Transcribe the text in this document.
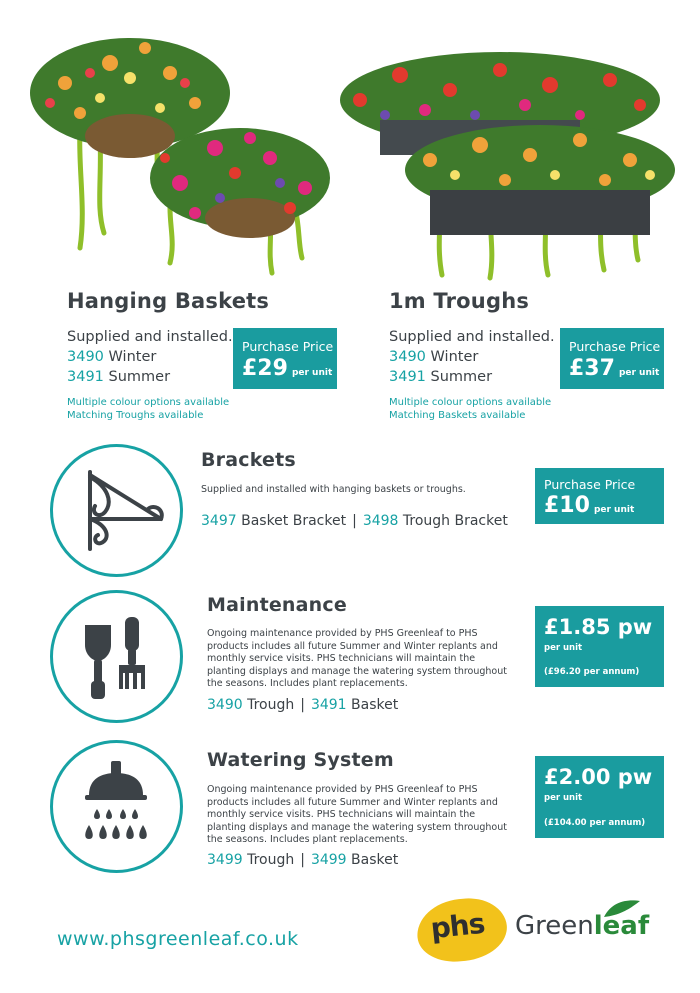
Hanging Baskets
Supplied and installed.
3490 Winter
3491 Summer
Multiple colour options available
Matching Troughs available
Purchase Price
£29 per unit
1m Troughs
Supplied and installed.
3490 Winter
3491 Summer
Multiple colour options available
Matching Baskets available
Purchase Price
£37 per unit
Brackets
Supplied and installed with hanging baskets or troughs.
3497 Basket Bracket | 3498 Trough Bracket
Purchase Price
£10 per unit
Maintenance
Ongoing maintenance provided by PHS Greenleaf to PHS products includes all future Summer and Winter replants and monthly service visits. PHS technicians will maintain the planting displays and manage the watering system throughout the seasons. Includes plant replacements.
3490 Trough | 3491 Basket
£1.85 pw
per unit
(£96.20 per annum)
Watering System
Ongoing maintenance provided by PHS Greenleaf to PHS products includes all future Summer and Winter replants and monthly service visits. PHS technicians will maintain the planting displays and manage the watering system throughout the seasons. Includes plant replacements.
3499 Trough | 3499 Basket
£2.00 pw
per unit
(£104.00 per annum)
www.phsgreenleaf.co.uk	phs Greenleaf
